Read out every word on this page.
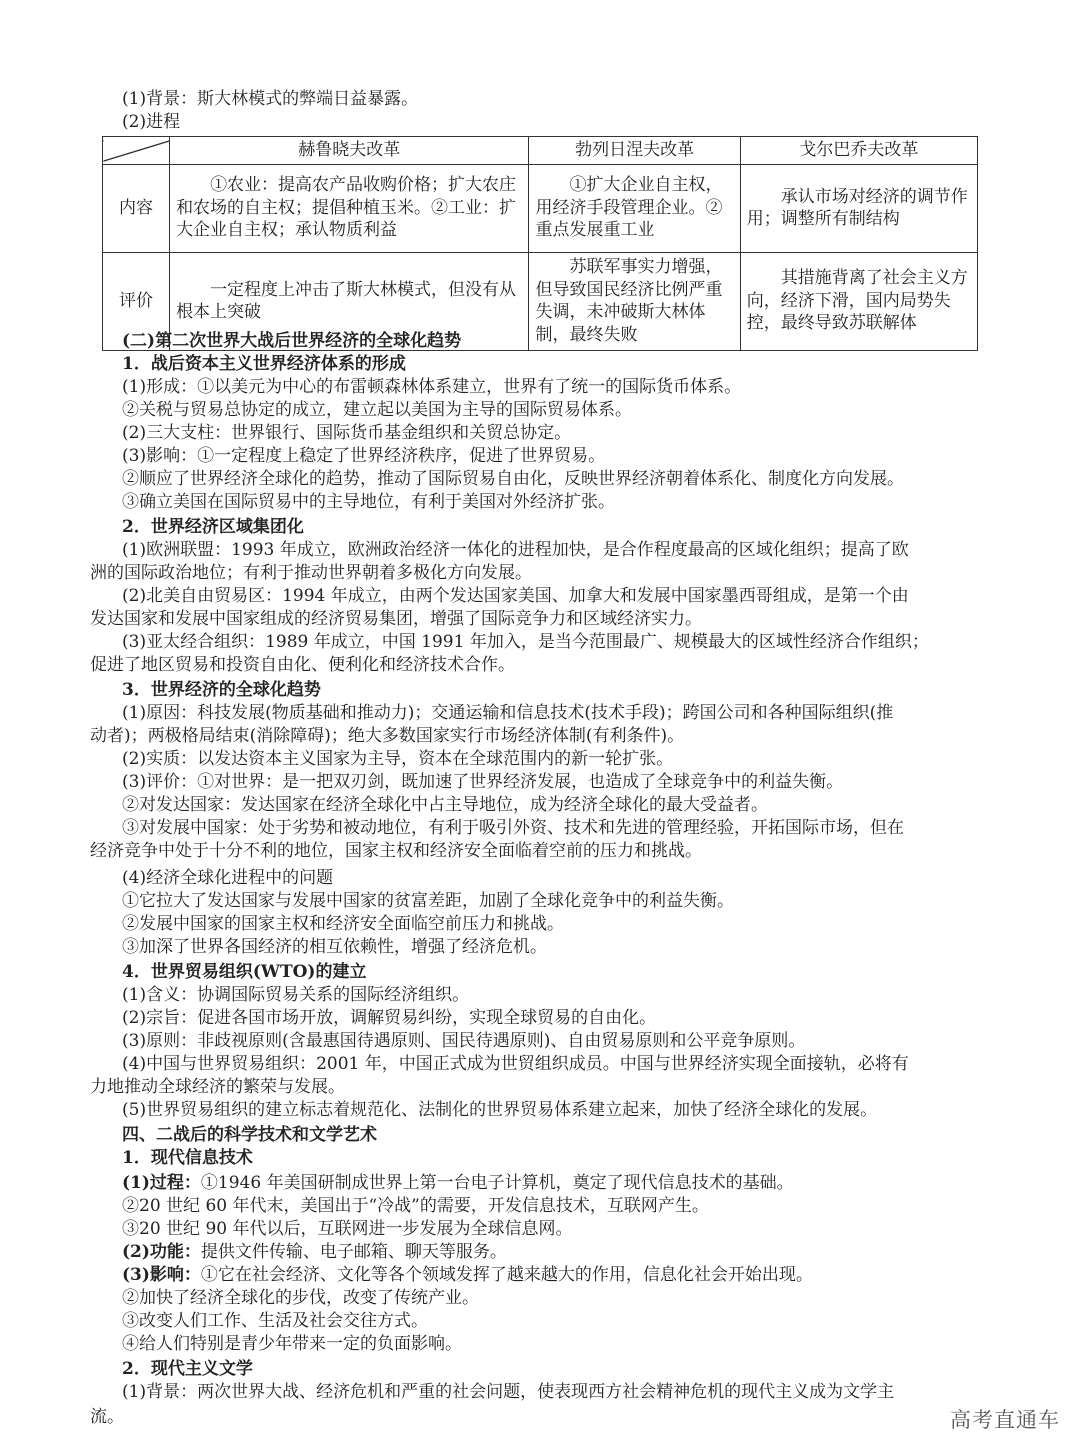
(1)背景：斯大林模式的弊端日益暴露。
(2)进程
	赫鲁晓夫改革	勃列日涅夫改革	戈尔巴乔夫改革
内容	①农业：提高农产品收购价格；扩大农庄和农场的自主权；提倡种植玉米。②工业：扩大企业自主权；承认物质利益	①扩大企业自主权，用经济手段管理企业。②重点发展重工业	承认市场对经济的调节作用；调整所有制结构

评价	一定程度上冲击了斯大林模式，但没有从根本上突破	苏联军事实力增强，但导致国民经济比例严重失调，未冲破斯大林体制，最终失败	其措施背离了社会主义方向，经济下滑，国内局势失控，最终导致苏联解体
(二)第二次世界大战后世界经济的全球化趋势
1．战后资本主义世界经济体系的形成
(1)形成：①以美元为中心的布雷顿森林体系建立，世界有了统一的国际货币体系。
②关税与贸易总协定的成立，建立起以美国为主导的国际贸易体系。
(2)三大支柱：世界银行、国际货币基金组织和关贸总协定。
(3)影响：①一定程度上稳定了世界经济秩序，促进了世界贸易。
②顺应了世界经济全球化的趋势，推动了国际贸易自由化，反映世界经济朝着体系化、制度化方向发展。
③确立美国在国际贸易中的主导地位，有利于美国对外经济扩张。
2．世界经济区域集团化
(1)欧洲联盟：1993 年成立，欧洲政治经济一体化的进程加快，是合作程度最高的区域化组织；提高了欧
洲的国际政治地位；有利于推动世界朝着多极化方向发展。
(2)北美自由贸易区：1994 年成立，由两个发达国家美国、加拿大和发展中国家墨西哥组成，是第一个由
发达国家和发展中国家组成的经济贸易集团，增强了国际竞争力和区域经济实力。
(3)亚太经合组织：1989 年成立，中国 1991 年加入，是当今范围最广、规模最大的区域性经济合作组织；
促进了地区贸易和投资自由化、便利化和经济技术合作。
3．世界经济的全球化趋势
(1)原因：科技发展(物质基础和推动力)；交通运输和信息技术(技术手段)；跨国公司和各种国际组织(推
动者)；两极格局结束(消除障碍)；绝大多数国家实行市场经济体制(有利条件)。
(2)实质：以发达资本主义国家为主导，资本在全球范围内的新一轮扩张。
(3)评价：①对世界：是一把双刃剑，既加速了世界经济发展，也造成了全球竞争中的利益失衡。
②对发达国家：发达国家在经济全球化中占主导地位，成为经济全球化的最大受益者。
③对发展中国家：处于劣势和被动地位，有利于吸引外资、技术和先进的管理经验，开拓国际市场，但在
经济竞争中处于十分不利的地位，国家主权和经济安全面临着空前的压力和挑战。
(4)经济全球化进程中的问题
①它拉大了发达国家与发展中国家的贫富差距，加剧了全球化竞争中的利益失衡。
②发展中国家的国家主权和经济安全面临空前压力和挑战。
③加深了世界各国经济的相互依赖性，增强了经济危机。
4．世界贸易组织(WTO)的建立
(1)含义：协调国际贸易关系的国际经济组织。
(2)宗旨：促进各国市场开放，调解贸易纠纷，实现全球贸易的自由化。
(3)原则：非歧视原则(含最惠国待遇原则、国民待遇原则)、自由贸易原则和公平竞争原则。
(4)中国与世界贸易组织：2001 年，中国正式成为世贸组织成员。中国与世界经济实现全面接轨，必将有
力地推动全球经济的繁荣与发展。
(5)世界贸易组织的建立标志着规范化、法制化的世界贸易体系建立起来，加快了经济全球化的发展。
四、二战后的科学技术和文学艺术
1．现代信息技术
(1)过程：①1946 年美国研制成世界上第一台电子计算机，奠定了现代信息技术的基础。
②20 世纪 60 年代末，美国出于“冷战”的需要，开发信息技术，互联网产生。
③20 世纪 90 年代以后，互联网进一步发展为全球信息网。
(2)功能：提供文件传输、电子邮箱、聊天等服务。
(3)影响：①它在社会经济、文化等各个领域发挥了越来越大的作用，信息化社会开始出现。
②加快了经济全球化的步伐，改变了传统产业。
③改变人们工作、生活及社会交往方式。
④给人们特别是青少年带来一定的负面影响。
2．现代主义文学
(1)背景：两次世界大战、经济危机和严重的社会问题，使表现西方社会精神危机的现代主义成为文学主
流。	高考直通车
